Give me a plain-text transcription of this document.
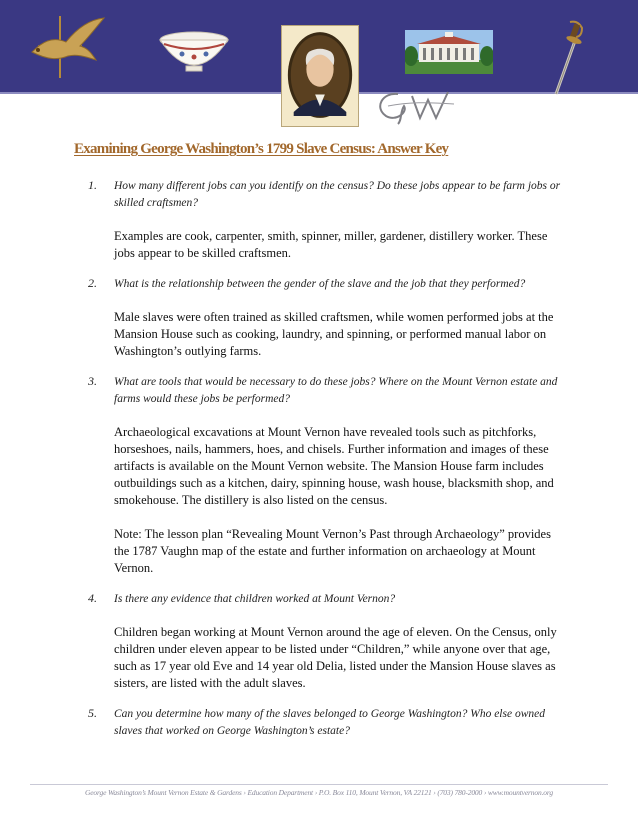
Examining George Washington’s 1799 Slave Census: Answer Key
1. How many different jobs can you identify on the census? Do these jobs appear to be farm jobs or skilled craftsmen?

Examples are cook, carpenter, smith, spinner, miller, gardener, distillery worker. These jobs appear to be skilled craftsmen.

2. What is the relationship between the gender of the slave and the job that they performed?

Male slaves were often trained as skilled craftsmen, while women performed jobs at the Mansion House such as cooking, laundry, and spinning, or performed manual labor on Washington’s outlying farms.

3. What are tools that would be necessary to do these jobs? Where on the Mount Vernon estate and farms would these jobs be performed?

Archaeological excavations at Mount Vernon have revealed tools such as pitchforks, horseshoes, nails, hammers, hoes, and chisels. Further information and images of these artifacts is available on the Mount Vernon website. The Mansion House farm includes outbuildings such as a kitchen, dairy, spinning house, wash house, blacksmith shop, and smokehouse. The distillery is also listed on the census.

Note: The lesson plan “Revealing Mount Vernon’s Past through Archaeology” provides the 1787 Vaughn map of the estate and further information on archaeology at Mount Vernon.

4. Is there any evidence that children worked at Mount Vernon?

Children began working at Mount Vernon around the age of eleven. On the Census, only children under eleven appear to be listed under “Children,” while anyone over that age, such as 17 year old Eve and 14 year old Delia, listed under the Mansion House slaves as sisters, are listed with the adult slaves.

5. Can you determine how many of the slaves belonged to George Washington? Who else owned slaves that worked on George Washington’s estate?

George Washington’s Mount Vernon Estate & Gardens › Education Department › P.O. Box 110, Mount Vernon, VA 22121 › (703) 780-2000 › www.mountvernon.org
